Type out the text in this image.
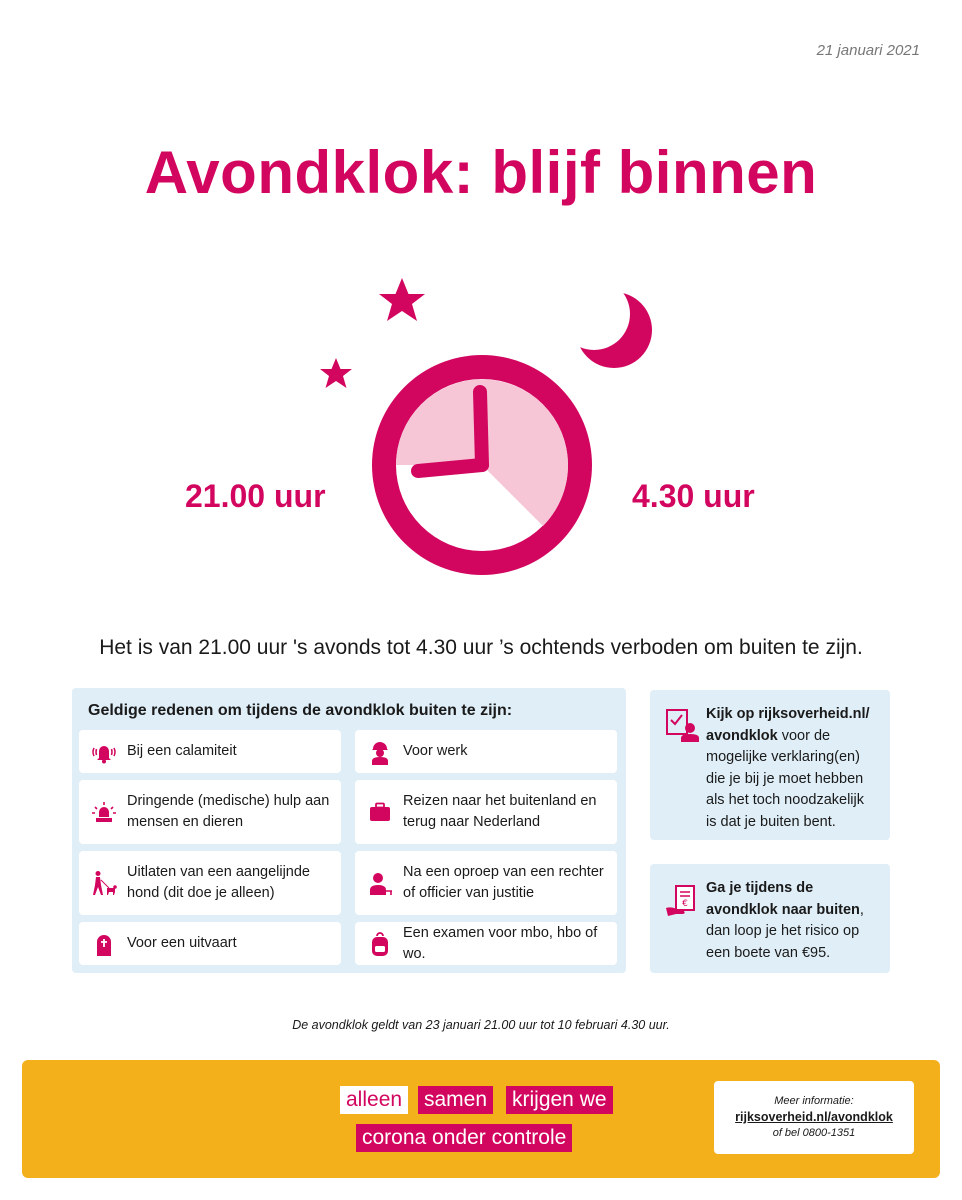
21 januari 2021
Avondklok: blijf binnen
21.00 uur	4.30 uur
Het is van 21.00 uur 's avonds tot 4.30 uur ’s ochtends verboden om buiten te zijn.
Geldige redenen om tijdens de avondklok buiten te zijn:
Bij een calamiteit	Voor werk
Dringende (medische) hulp aan mensen en dieren
Reizen naar het buitenland en terug naar Nederland
Uitlaten van een aangelijnde hond (dit doe je alleen)
Na een oproep van een rechter of officier van justitie
Voor een uitvaart
Een examen voor mbo, hbo of wo.
Kijk op rijksoverheid.nl/ avondklok voor de mogelijke verklaring(en) die je bij je moet hebben als het toch noodzakelijk is dat je buiten bent.
€
Ga je tijdens de avondklok naar buiten, dan loop je het risico op een boete van €95.
De avondklok geldt van 23 januari 21.00 uur tot 10 februari 4.30 uur.
alleen samen krijgen we
corona onder controle
Meer informatie:
rijksoverheid.nl/avondklok
of bel 0800-1351
